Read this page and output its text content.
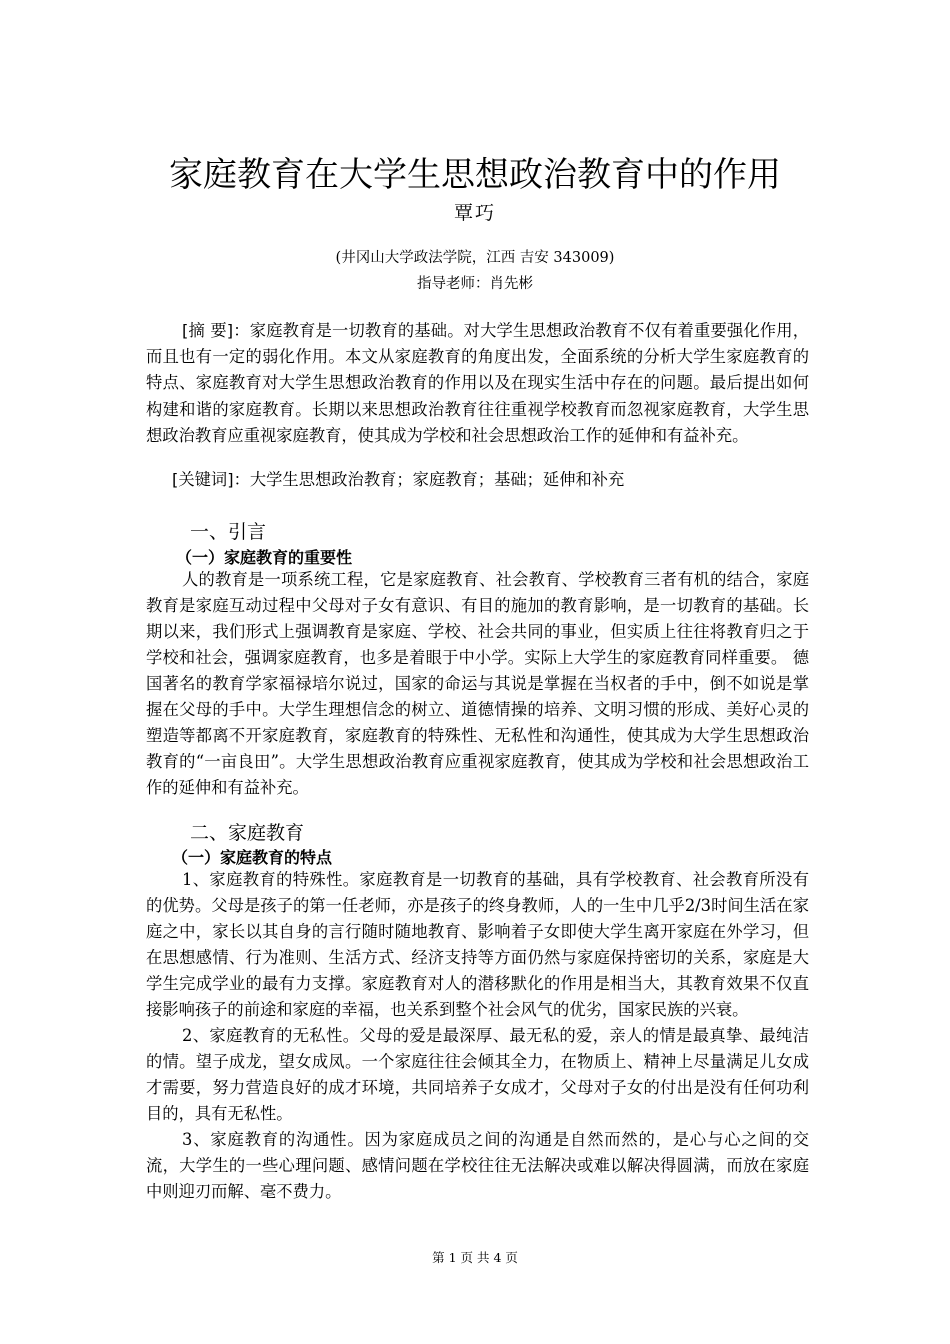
家庭教育在大学生思想政治教育中的作用
覃巧
(井冈山大学政法学院，江西 吉安 343009)
指导老师：肖先彬

[摘 要]：家庭教育是一切教育的基础。对大学生思想政治教育不仅有着重要强化作用，而且也有一定的弱化作用。本文从家庭教育的角度出发，全面系统的分析大学生家庭教育的特点、家庭教育对大学生思想政治教育的作用以及在现实生活中存在的问题。最后提出如何构建和谐的家庭教育。长期以来思想政治教育往往重视学校教育而忽视家庭教育，大学生思想政治教育应重视家庭教育，使其成为学校和社会思想政治工作的延伸和有益补充。

[关键词]：大学生思想政治教育；家庭教育；基础；延伸和补充

一、引言
（一）家庭教育的重要性

人的教育是一项系统工程，它是家庭教育、社会教育、学校教育三者有机的结合，家庭教育是家庭互动过程中父母对子女有意识、有目的施加的教育影响，是一切教育的基础。长期以来，我们形式上强调教育是家庭、学校、社会共同的事业，但实质上往往将教育归之于学校和社会，强调家庭教育，也多是着眼于中小学。实际上大学生的家庭教育同样重要。 德国著名的教育学家福禄培尔说过，国家的命运与其说是掌握在当权者的手中，倒不如说是掌握在父母的手中。大学生理想信念的树立、道德情操的培养、文明习惯的形成、美好心灵的塑造等都离不开家庭教育，家庭教育的特殊性、无私性和沟通性，使其成为大学生思想政治教育的“一亩良田”。大学生思想政治教育应重视家庭教育，使其成为学校和社会思想政治工作的延伸和有益补充。

二、家庭教育
（一）家庭教育的特点

1、家庭教育的特殊性。家庭教育是一切教育的基础，具有学校教育、社会教育所没有的优势。父母是孩子的第一任老师，亦是孩子的终身教师，人的一生中几乎2/3时间生活在家庭之中，家长以其自身的言行随时随地教育、影响着子女即使大学生离开家庭在外学习，但在思想感情、行为准则、生活方式、经济支持等方面仍然与家庭保持密切的关系，家庭是大学生完成学业的最有力支撑。家庭教育对人的潜移默化的作用是相当大，其教育效果不仅直接影响孩子的前途和家庭的幸福，也关系到整个社会风气的优劣，国家民族的兴衰。

2、家庭教育的无私性。父母的爱是最深厚、最无私的爱，亲人的情是最真挚、最纯洁的情。望子成龙，望女成凤。一个家庭往往会倾其全力，在物质上、精神上尽量满足儿女成才需要，努力营造良好的成才环境，共同培养子女成才，父母对子女的付出是没有任何功利目的，具有无私性。

3、家庭教育的沟通性。因为家庭成员之间的沟通是自然而然的，是心与心之间的交流，大学生的一些心理问题、感情问题在学校往往无法解决或难以解决得圆满，而放在家庭中则迎刃而解、毫不费力。

第 1 页 共 4 页
